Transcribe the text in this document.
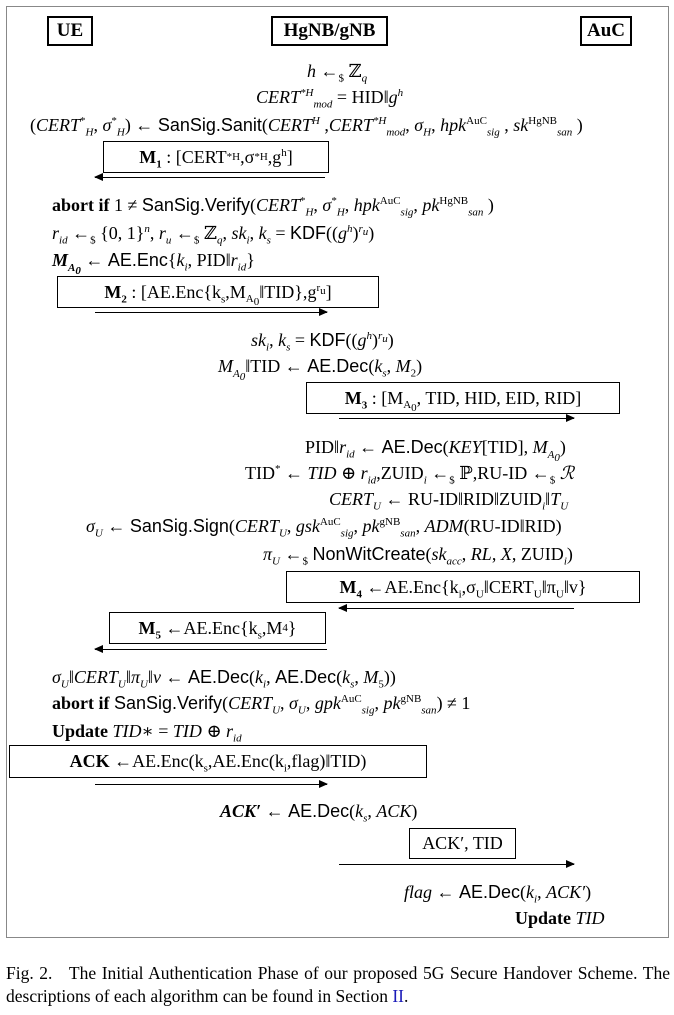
UE	HgNB/gNB	AuC
h $\leftarrow_{\$}$ ℤ$_q$
$CERT^{*H}_{mod}$ = $HID‖g^h$
($CERT^*_H$, $\sigma^*_H$) ← $SanSig.Sanit(CERT^H$ $,CERT^{*H}_{mod}$, $\sigma_H$, hpk$^{AuC}_{sig}$ , $sk^{HgNB}_{san}$ )
M $_1$ : [ CERT * H , σ * H , $g^h$ ]
abort if $1 \ne SanSig.Verify(CERT^*_H$, $\sigma^*_H$, hpk$^{AuC}_{sig}$, $pk^{HgNB}_{san}$ )
$r_{id}$ $\leftarrow_{\$}$ {0, 1}$^n$, $r_u$ $\leftarrow_{\$}$ ℤ$_q$, $sk_i$, $k_s = KDF((g^h)^{r_u})$
$M_{A_0}$ ← $AE.Enc\{k_i$, $PID‖r_{id}$}
M $_2$ : [ AE.Enc { $k_s$ , $M_{A_0}$
‖TID}, $g^{r_u}$ ]
$sk_i$, $k_s = KDF((g^h)^{r_u})$
$M_{A_0}‖TID$ ← $AE.Dec(k_s$, $M_2$)
M $_3$ : [ $M_{A_0}$
, TID, HID, EID, RID]
$PID‖r_{id}$ ← AE.Dec(KEY[TID], $M_{A_0}$)
TID* ← TID ⊕ $r_{id},ZUID_i$ $\leftarrow_{\$}$ ℙ,RU-ID $\leftarrow_{\$}$ ℛ
$CERT_U$ ← $RU-ID‖RID‖ZUID_i‖T_U$
$\sigma_U$ ← $SanSig.Sign(CERT_U$, gsk$^{AuC}_{sig}$, $pk^{gNB}_{san}$, ADM(RU-ID‖RID)
$\pi_U$ $\leftarrow_{\$}$ $NonWitCreate(sk_{acc}$, RL, X, $ZUID_i$)
M $_4$ ← AE.Enc { $k_i$ , $\sigma_U$ ‖ $CERT_U$ ‖ $\pi_U$ ‖ v }
M $_5$ ← AE.Enc { $k_s$ , M 4 }
$\sigma_U‖CERT_U‖\pi_U‖v$ ← $AE.Dec(k_i$, $AE.Dec(k_s$, $M_5$))
abort if $SanSig.Verify(CERT_U$, $\sigma_U$, gpk$^{AuC}_{sig}$, $pk^{gNB}_{san}) \ne 1$
Update TID∗ = TID ⊕ $r_{id}$
ACK ← AE.Enc ( $k_s$ , AE.Enc ( $k_i$ , flag )‖TID)
ACK′ ← $AE.Dec(k_s$, ACK)
ACK′ , TID
flag ← $AE.Dec(k_i$, ACK′)
Update TID
Fig. 2. The Initial Authentication Phase of our proposed 5G Secure Handover Scheme. The descriptions of each algorithm can be found in Section II.
